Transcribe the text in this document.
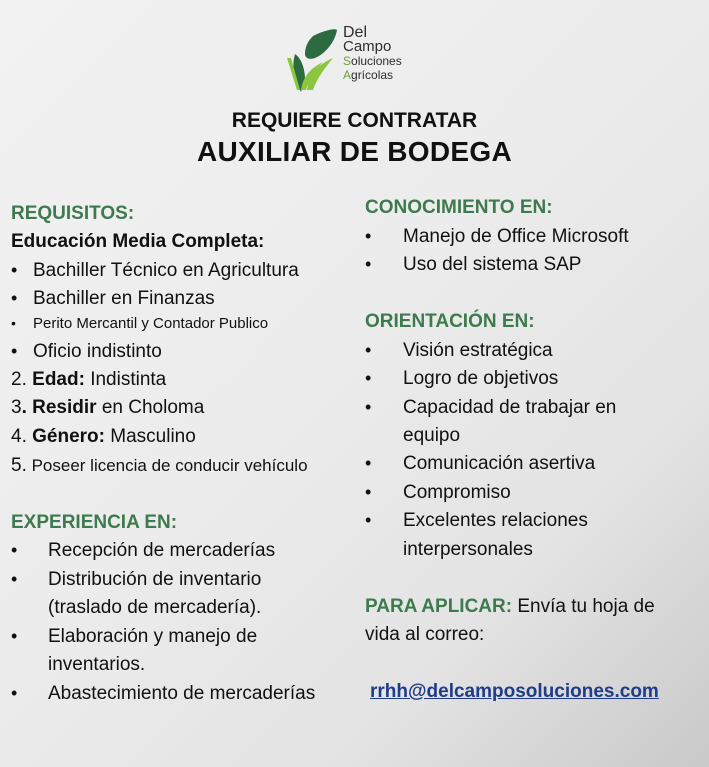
Del
Campo
Soluciones
Agrícolas
REQUIERE CONTRATAR
AUXILIAR DE BODEGA
REQUISITOS:
Educación Media Completa:
• Bachiller Técnico en Agricultura
• Bachiller en Finanzas
• Perito Mercantil y Contador Publico
• Oficio indistinto
2. Edad: Indistinta
3. Residir en Choloma
4. Género: Masculino
5. Poseer licencia de conducir vehículo
EXPERIENCIA EN:
• Recepción de mercaderías
• Distribución de inventario
(traslado de mercadería).
• Elaboración y manejo de
inventarios.
• Abastecimiento de mercaderías
CONOCIMIENTO EN:
• Manejo de Office Microsoft
• Uso del sistema SAP
ORIENTACIÓN EN:
• Visión estratégica
• Logro de objetivos
• Capacidad de trabajar en
equipo
• Comunicación asertiva
• Compromiso
• Excelentes relaciones
interpersonales
PARA APLICAR: Envía tu hoja de
vida al correo:
rrhh@delcamposoluciones.com
